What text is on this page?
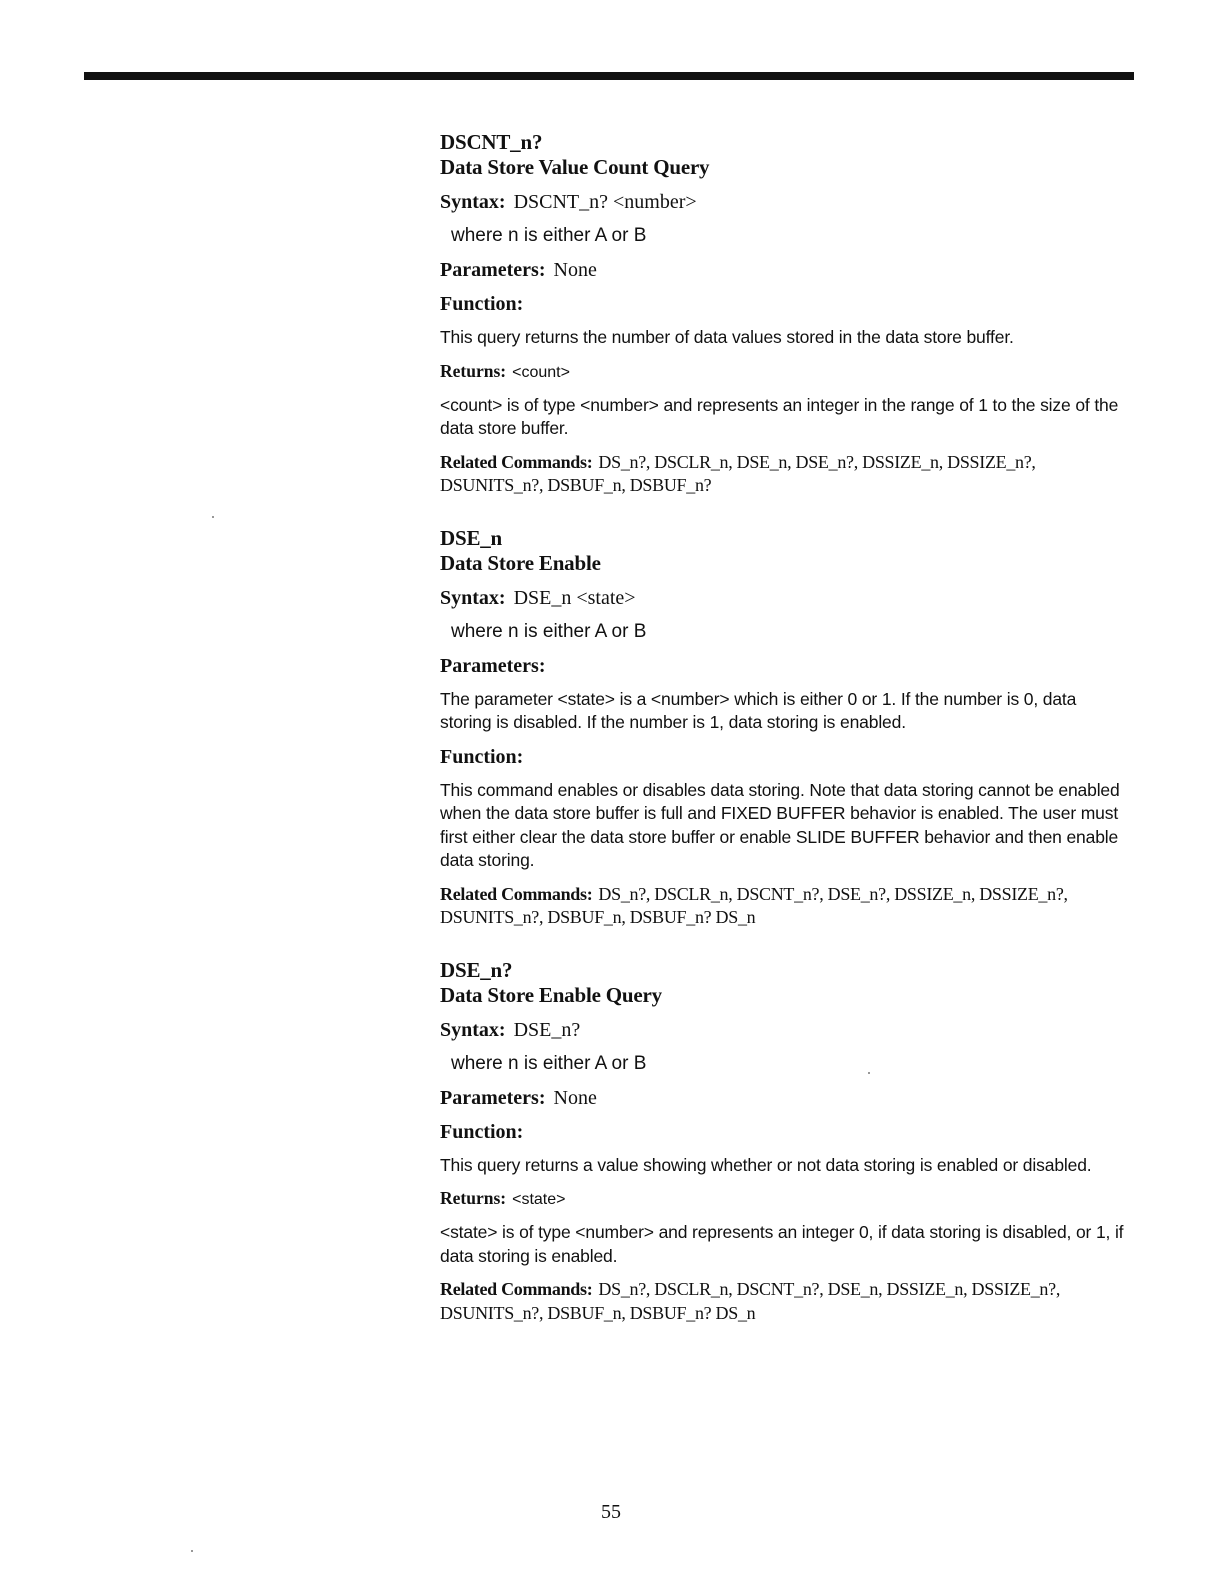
DSCNT_n?
Data Store Value Count Query
Syntax: DSCNT_n? <number>
where n is either A or B
Parameters: None
Function:
This query returns the number of data values stored in the data store buffer.
Returns: <count>
<count> is of type <number> and represents an integer in the range of 1 to the size of the data store buffer.
Related Commands: DS_n?, DSCLR_n, DSE_n, DSE_n?, DSSIZE_n, DSSIZE_n?, DSUNITS_n?, DSBUF_n, DSBUF_n?
DSE_n
Data Store Enable
Syntax: DSE_n <state>
where n is either A or B
Parameters:
The parameter <state> is a <number> which is either 0 or 1. If the number is 0, data storing is disabled. If the number is 1, data storing is enabled.
Function:
This command enables or disables data storing. Note that data storing cannot be enabled when the data store buffer is full and FIXED BUFFER behavior is enabled. The user must first either clear the data store buffer or enable SLIDE BUFFER behavior and then enable data storing.
Related Commands: DS_n?, DSCLR_n, DSCNT_n?, DSE_n?, DSSIZE_n, DSSIZE_n?, DSUNITS_n?, DSBUF_n, DSBUF_n? DS_n
DSE_n?
Data Store Enable Query
Syntax: DSE_n?
where n is either A or B
Parameters: None
Function:
This query returns a value showing whether or not data storing is enabled or disabled.
Returns: <state>
<state> is of type <number> and represents an integer 0, if data storing is disabled, or 1, if data storing is enabled.
Related Commands: DS_n?, DSCLR_n, DSCNT_n?, DSE_n, DSSIZE_n, DSSIZE_n?, DSUNITS_n?, DSBUF_n, DSBUF_n? DS_n
55
